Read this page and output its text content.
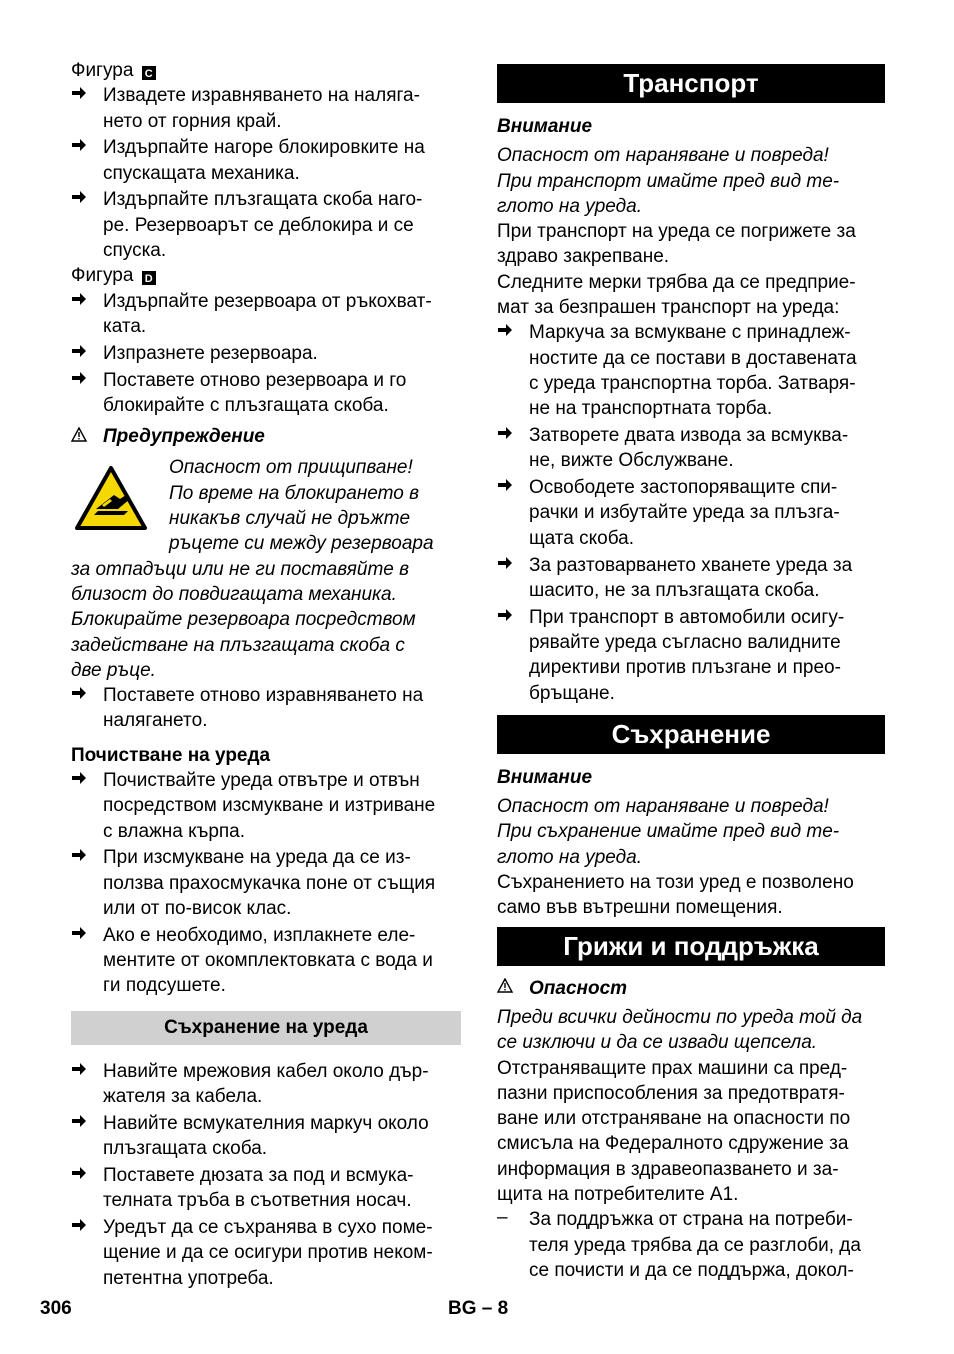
Фигура C

Извадете изравняването на наляга-

нето от горния край.

Издърпайте нагоре блокировките на

спускащата механика.

Издърпайте плъзгащата скоба наго-

ре. Резервоарът се деблокира и се

спуска.

Фигура D

Издърпайте резервоара от ръкохват-

ката.

Изпразнете резервоара.

Поставете отново резервоара и го

блокирайте с плъзгащата скоба.

Предупреждение

Опасност от прищипване!

По време на блокирането в

никакъв случай не дръжте

ръцете си между резервоара

за отпадъци или не ги поставяйте в

близост до повдигащата механика.

Блокирайте резервоара посредством

задействане на плъзгащата скоба с

две ръце.

Поставете отново изравняването на

наляганетo.

Почистване на уреда

Почиствайте уреда отвътре и отвън

посредством изсмукване и изтриване

с влажна кърпа.

При изсмукване на уреда да се из-

ползва прахосмукачка поне от същия

или от по-висок клас.

Ако е необходимо, изплакнете еле-

ментите от окомплектовката с вода и

ги подсушете.

Съхранение на уреда

Навийте мрежовия кабел около дър-

жателя за кабела.

Навийте всмукателния маркуч около

плъзгащата скоба.

Поставете дюзата за под и всмука-

телната тръба в съответния носач.

Уредът да се съхранява в сухо поме-

щение и да се осигури против неком-

петентна употреба.

Транспорт

Внимание

Опасност от нараняване и повреда!

При транспорт имайте пред вид те-

глото на уреда.

При транспорт на уреда се погрижете за

здраво закрепване.

Следните мерки трябва да се предприе-

мат за безпрашен транспорт на уреда:

Маркуча за всмукване с принадлеж-

ностите да се постави в доставената

с уреда транспортна торба. Затваря-

не на транспортната торба.

Затворете двата извода за всмуква-

не, вижте Обслужване.

Освободете застопоряващите спи-

рачки и избутайте уреда за плъзга-

щата скоба.

За разтоварването хванете уреда за

шасито, не за плъзгащата скоба.

При транспорт в автомобили осигу-

рявайте уреда съгласно валидните

директиви против плъзгане и прео-

бръщане.

Съхранение

Внимание

Опасност от нараняване и повреда!

При съхранение имайте пред вид те-

глото на уреда.

Съхранението на този уред е позволено

само във вътрешни помещения.

Грижи и поддръжка

Опасност

Преди всички дейности по уреда той да

се изключи и да се извади щепсела.

Отстраняващите прах машини са пред-

пазни приспособления за предотвратя-

ване или отстраняване на опасности по

смисъла на Федералното сдружение за

информация в здравеопазването и за-

щита на потребителите А1.

–	За поддръжка от страна на потреби-

теля уреда трябва да се разглоби, да

се почисти и да се поддържа, докол-

306	BG – 8
